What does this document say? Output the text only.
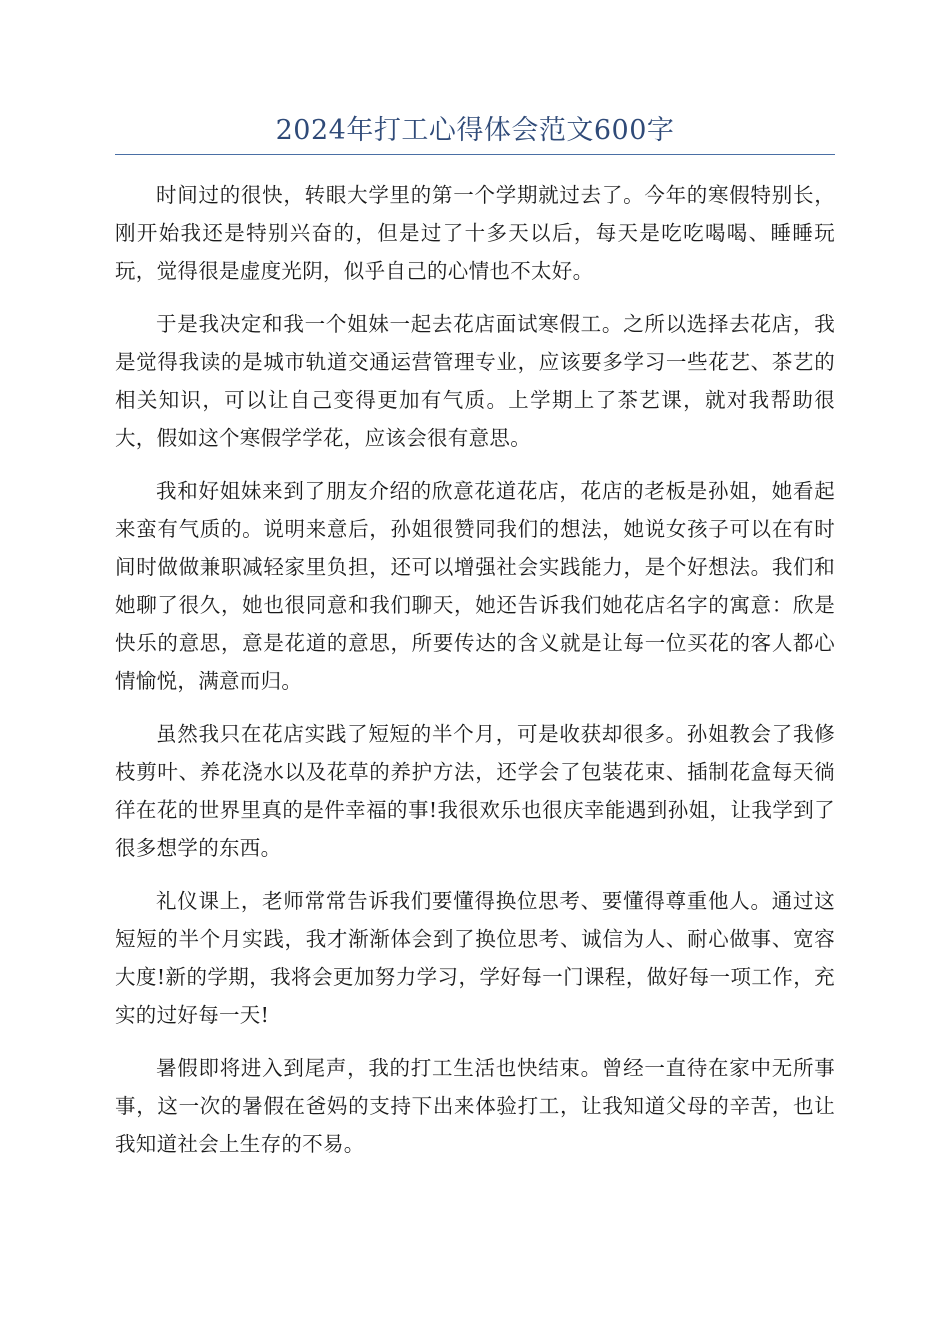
2024年打工心得体会范文600字

时间过的很快，转眼大学里的第一个学期就过去了。今年的寒假特别长，刚开始我还是特别兴奋的，但是过了十多天以后，每天是吃吃喝喝、睡睡玩玩，觉得很是虚度光阴，似乎自己的心情也不太好。

于是我决定和我一个姐妹一起去花店面试寒假工。之所以选择去花店，我是觉得我读的是城市轨道交通运营管理专业，应该要多学习一些花艺、茶艺的相关知识，可以让自己变得更加有气质。上学期上了茶艺课，就对我帮助很大，假如这个寒假学学花，应该会很有意思。

我和好姐妹来到了朋友介绍的欣意花道花店，花店的老板是孙姐，她看起来蛮有气质的。说明来意后，孙姐很赞同我们的想法，她说女孩子可以在有时间时做做兼职减轻家里负担，还可以增强社会实践能力，是个好想法。我们和她聊了很久，她也很同意和我们聊天，她还告诉我们她花店名字的寓意：欣是快乐的意思，意是花道的意思，所要传达的含义就是让每一位买花的客人都心情愉悦，满意而归。

虽然我只在花店实践了短短的半个月，可是收获却很多。孙姐教会了我修枝剪叶、养花浇水以及花草的养护方法，还学会了包装花束、插制花盒每天徜徉在花的世界里真的是件幸福的事!我很欢乐也很庆幸能遇到孙姐，让我学到了很多想学的东西。

礼仪课上，老师常常告诉我们要懂得换位思考、要懂得尊重他人。通过这短短的半个月实践，我才渐渐体会到了换位思考、诚信为人、耐心做事、宽容大度!新的学期，我将会更加努力学习，学好每一门课程，做好每一项工作，充实的过好每一天!

暑假即将进入到尾声，我的打工生活也快结束。曾经一直待在家中无所事事，这一次的暑假在爸妈的支持下出来体验打工，让我知道父母的辛苦，也让我知道社会上生存的不易。
